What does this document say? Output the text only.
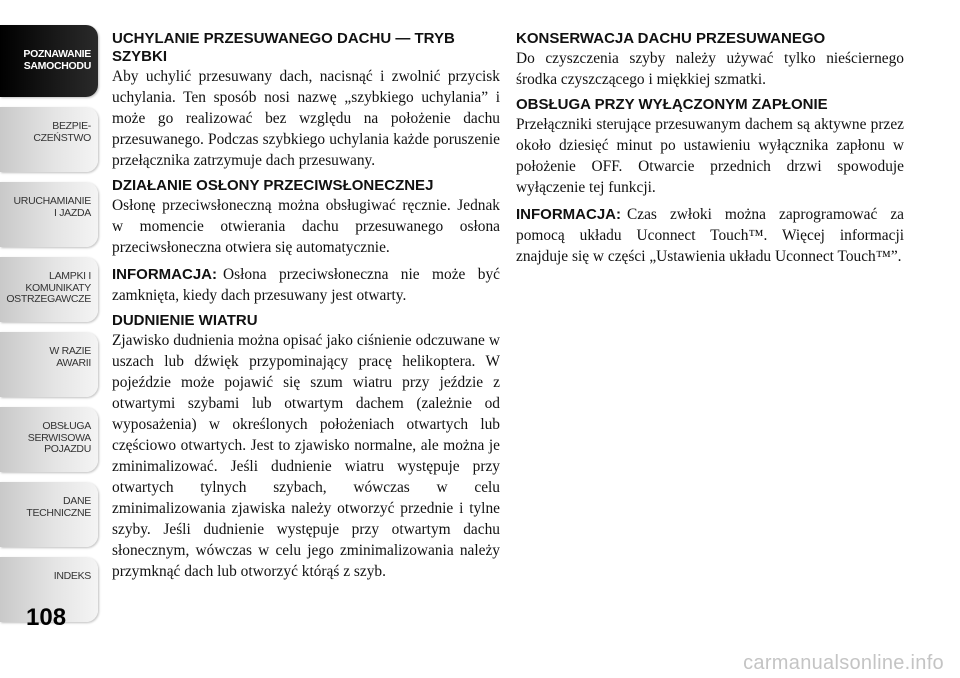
POZNAWANIE
SAMOCHODU
BEZPIE-
CZEŃSTWO
URUCHAMIANIE
I JAZDA
LAMPKI I
KOMUNIKATY
OSTRZEGAWCZE
W RAZIE
AWARII
OBSŁUGA
SERWISOWA
POJAZDU
DANE
TECHNICZNE
INDEKS
108

UCHYLANIE PRZESUWANEGO DACHU — TRYB SZYBKI

Aby uchylić przesuwany dach, nacisnąć i zwolnić przycisk uchylania. Ten sposób nosi nazwę „szybkiego uchylania” i może go realizować bez względu na położenie dachu przesuwanego. Podczas szybkiego uchylania każde poruszenie przełącznika zatrzymuje dach przesuwany.

DZIAŁANIE OSŁONY PRZECIWSŁONECZNEJ

Osłonę przeciwsłoneczną można obsługiwać ręcznie. Jednak w momencie otwierania dachu przesuwanego osłona przeciwsłoneczna otwiera się automatycznie.

INFORMACJA: Osłona przeciwsłoneczna nie może być zamknięta, kiedy dach przesuwany jest otwarty.

DUDNIENIE WIATRU

Zjawisko dudnienia można opisać jako ciśnienie odczuwane w uszach lub dźwięk przypominający pracę helikoptera. W pojeździe może pojawić się szum wiatru przy jeździe z otwartymi szybami lub otwartym dachem (zależnie od wyposażenia) w określonych położeniach otwartych lub częściowo otwartych. Jest to zjawisko normalne, ale można je zminimalizować. Jeśli dudnienie wiatru występuje przy otwartych tylnych szybach, wówczas w celu zminimalizowania zjawiska należy otworzyć przednie i tylne szyby. Jeśli dudnienie występuje przy otwartym dachu słonecznym, wówczas w celu jego zminimalizowania należy przymknąć dach lub otworzyć którąś z szyb.

KONSERWACJA DACHU PRZESUWANEGO

Do czyszczenia szyby należy używać tylko nieściernego środka czyszczącego i miękkiej szmatki.

OBSŁUGA PRZY WYŁĄCZONYM ZAPŁONIE

Przełączniki sterujące przesuwanym dachem są aktywne przez około dziesięć minut po ustawieniu wyłącznika zapłonu w położenie OFF. Otwarcie przednich drzwi spowoduje wyłączenie tej funkcji.

INFORMACJA: Czas zwłoki można zaprogramować za pomocą układu Uconnect Touch™. Więcej informacji znajduje się w części „Ustawienia układu Uconnect Touch™”.

carmanualsonline.info
